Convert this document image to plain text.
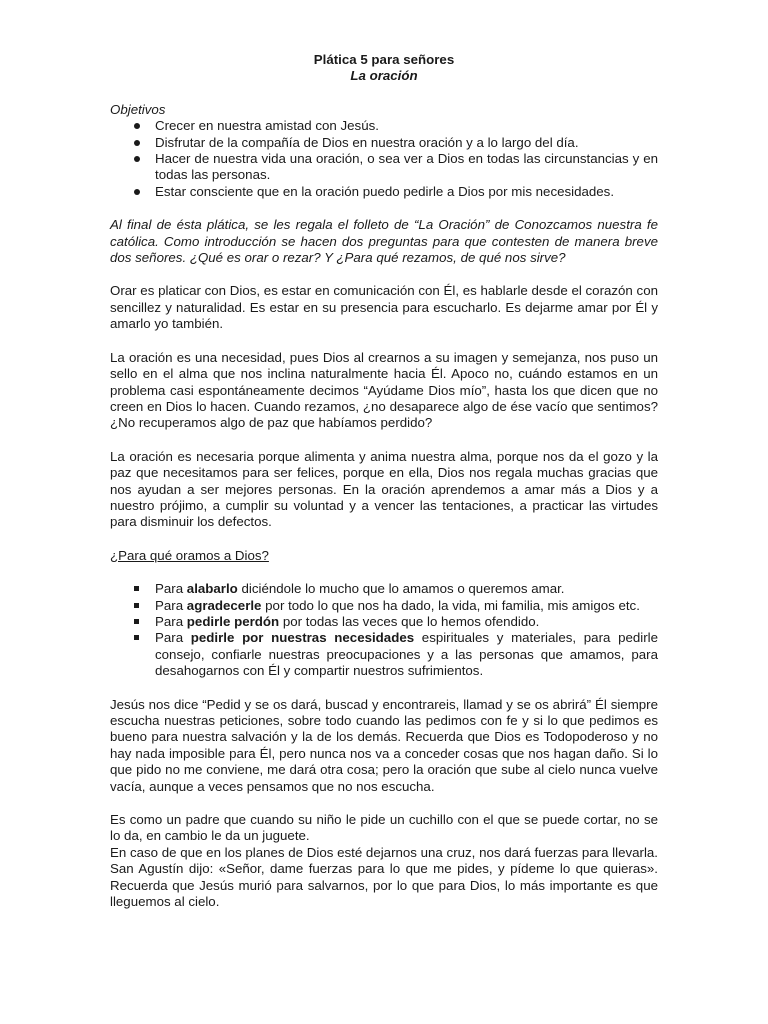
Plática 5 para señores

La oración

Objetivos

Crecer en nuestra amistad con Jesús.
Disfrutar de la compañía de Dios en nuestra oración y a lo largo del día.
Hacer de nuestra vida una oración, o sea ver a Dios en todas las circunstancias y en todas las personas.
Estar consciente que en la oración puedo pedirle a Dios por mis necesidades.

Al final de ésta plática, se les regala el folleto de “La Oración” de Conozcamos nuestra fe católica. Como introducción se hacen dos preguntas para que contesten de manera breve dos señores. ¿Qué es orar o rezar? Y ¿Para qué rezamos, de qué nos sirve?

Orar es platicar con Dios, es estar en comunicación con Él, es hablarle desde el corazón con sencillez y naturalidad. Es estar en su presencia para escucharlo. Es dejarme amar por Él y amarlo yo también.

La oración es una necesidad, pues Dios al crearnos a su imagen y semejanza, nos puso un sello en el alma que nos inclina naturalmente hacia Él. Apoco no, cuándo estamos en un problema casi espontáneamente decimos “Ayúdame Dios mío”, hasta los que dicen que no creen en Dios lo hacen. Cuando rezamos, ¿no desaparece algo de ése vacío que sentimos? ¿No recuperamos algo de paz que habíamos perdido?

La oración es necesaria porque alimenta y anima nuestra alma, porque nos da el gozo y la paz que necesitamos para ser felices, porque en ella, Dios nos regala muchas gracias que nos ayudan a ser mejores personas. En la oración aprendemos a amar más a Dios y a nuestro prójimo, a cumplir su voluntad y a vencer las tentaciones, a practicar las virtudes para disminuir los defectos.

¿Para qué oramos a Dios?

Para alabarlo diciéndole lo mucho que lo amamos o queremos amar.
Para agradecerle por todo lo que nos ha dado, la vida, mi familia, mis amigos etc.
Para pedirle perdón por todas las veces que lo hemos ofendido.
Para pedirle por nuestras necesidades espirituales y materiales, para pedirle consejo, confiarle nuestras preocupaciones y a las personas que amamos, para desahogarnos con Él y compartir nuestros sufrimientos.

Jesús nos dice “Pedid y se os dará, buscad y encontrareis, llamad y se os abrirá” Él siempre escucha nuestras peticiones, sobre todo cuando las pedimos con fe y si lo que pedimos es bueno para nuestra salvación y la de los demás. Recuerda que Dios es Todopoderoso y no hay nada imposible para Él, pero nunca nos va a conceder cosas que nos hagan daño. Si lo que pido no me conviene, me dará otra cosa; pero la oración que sube al cielo nunca vuelve vacía, aunque a veces pensamos que no nos escucha.

Es como un padre que cuando su niño le pide un cuchillo con el que se puede cortar, no se lo da, en cambio le da un juguete.

En caso de que en los planes de Dios esté dejarnos una cruz, nos dará fuerzas para llevarla. San Agustín dijo: «Señor, dame fuerzas para lo que me pides, y pídeme lo que quieras». Recuerda que Jesús murió para salvarnos, por lo que para Dios, lo más importante es que lleguemos al cielo.
